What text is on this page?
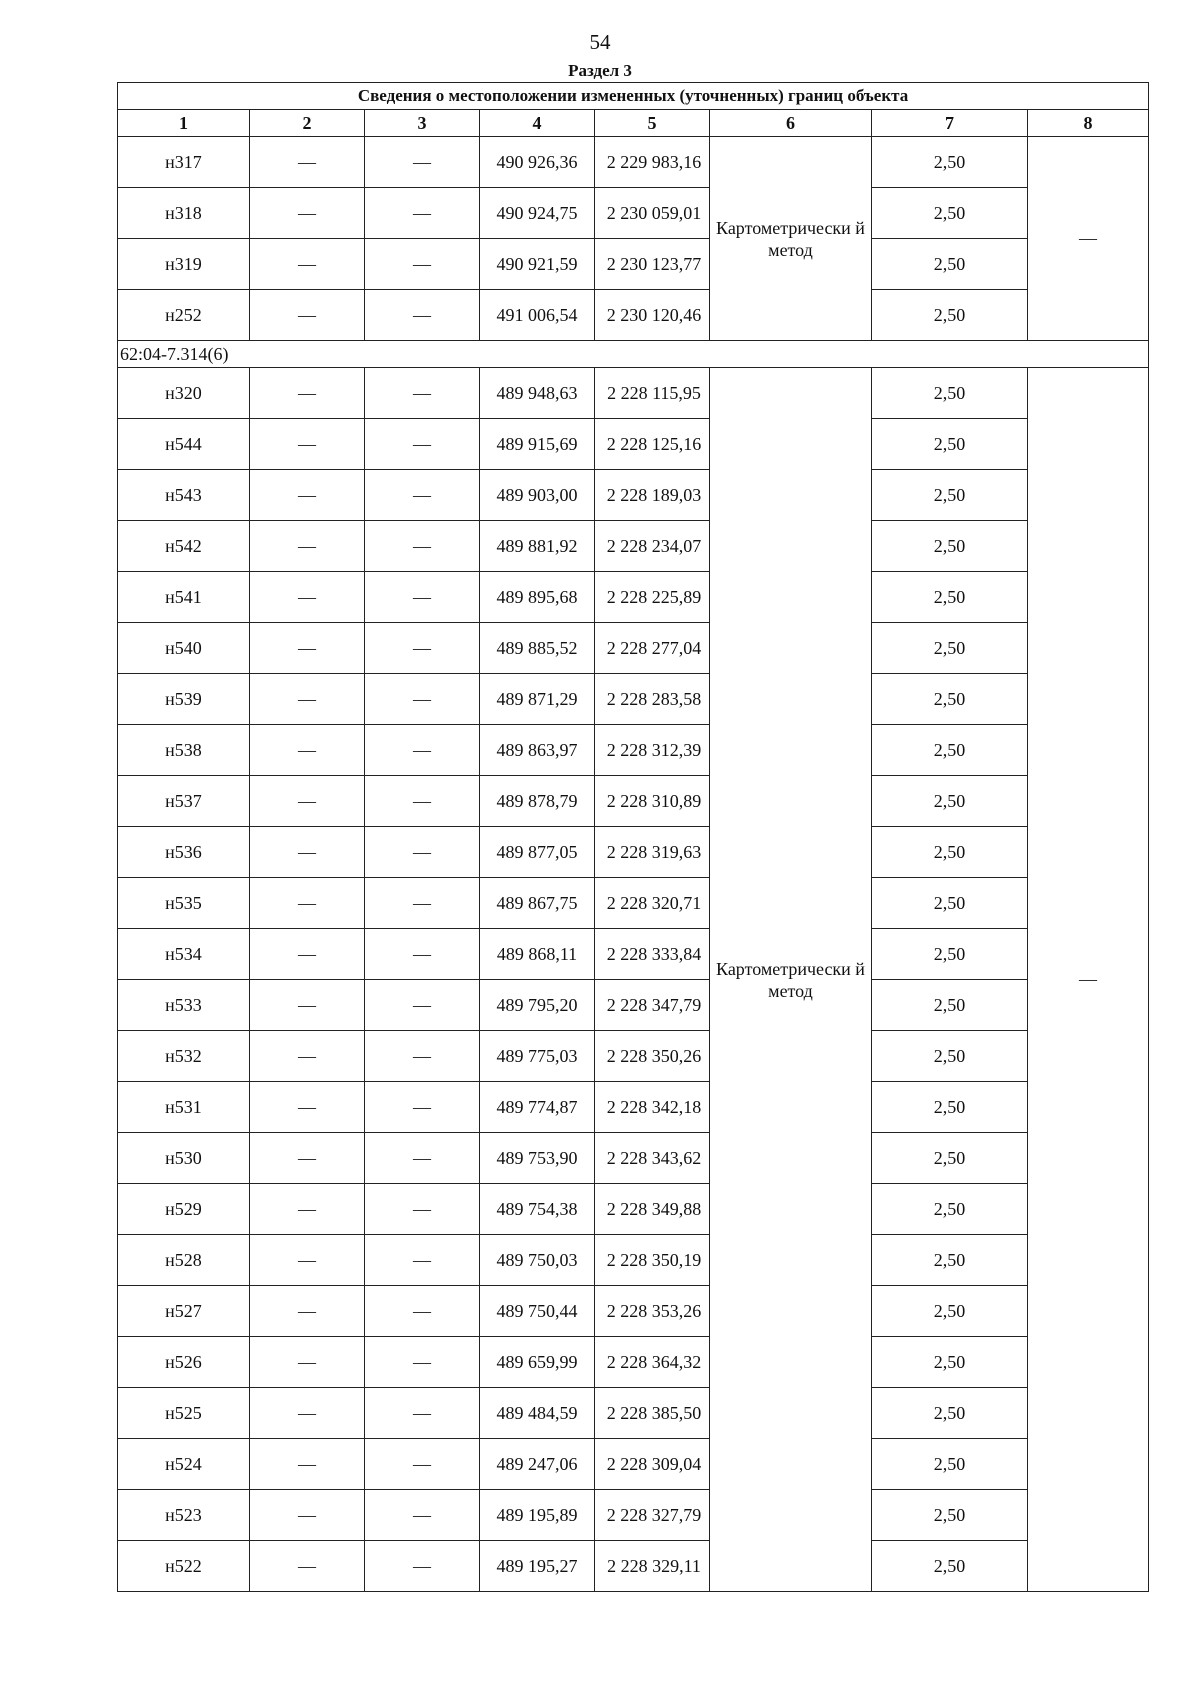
54
Раздел 3
Сведения о местоположении измененных (уточненных) границ объекта							
1	2	3	4	5	6	7	8
н317	—	—	490 926,36	2 229 983,16	Картометрически й метод	2,50	—
н318	—	—	490 924,75	2 230 059,01		2,50	
н319	—	—	490 921,59	2 230 123,77		2,50	
н252	—	—	491 006,54	2 230 120,46		2,50	
62:04-7.314(6)							
н320	—	—	489 948,63	2 228 115,95	Картометрически й метод	2,50	—
н544	—	—	489 915,69	2 228 125,16		2,50	
н543	—	—	489 903,00	2 228 189,03		2,50	
н542	—	—	489 881,92	2 228 234,07		2,50	
н541	—	—	489 895,68	2 228 225,89		2,50	
н540	—	—	489 885,52	2 228 277,04		2,50	
н539	—	—	489 871,29	2 228 283,58		2,50	
н538	—	—	489 863,97	2 228 312,39		2,50	
н537	—	—	489 878,79	2 228 310,89		2,50	
н536	—	—	489 877,05	2 228 319,63		2,50	
н535	—	—	489 867,75	2 228 320,71		2,50	
н534	—	—	489 868,11	2 228 333,84		2,50	
н533	—	—	489 795,20	2 228 347,79		2,50	
н532	—	—	489 775,03	2 228 350,26		2,50	
н531	—	—	489 774,87	2 228 342,18		2,50	
н530	—	—	489 753,90	2 228 343,62		2,50	
н529	—	—	489 754,38	2 228 349,88		2,50	
н528	—	—	489 750,03	2 228 350,19		2,50	
н527	—	—	489 750,44	2 228 353,26		2,50	
н526	—	—	489 659,99	2 228 364,32		2,50	
н525	—	—	489 484,59	2 228 385,50		2,50	
н524	—	—	489 247,06	2 228 309,04		2,50	
н523	—	—	489 195,89	2 228 327,79		2,50	
н522	—	—	489 195,27	2 228 329,11		2,50	
